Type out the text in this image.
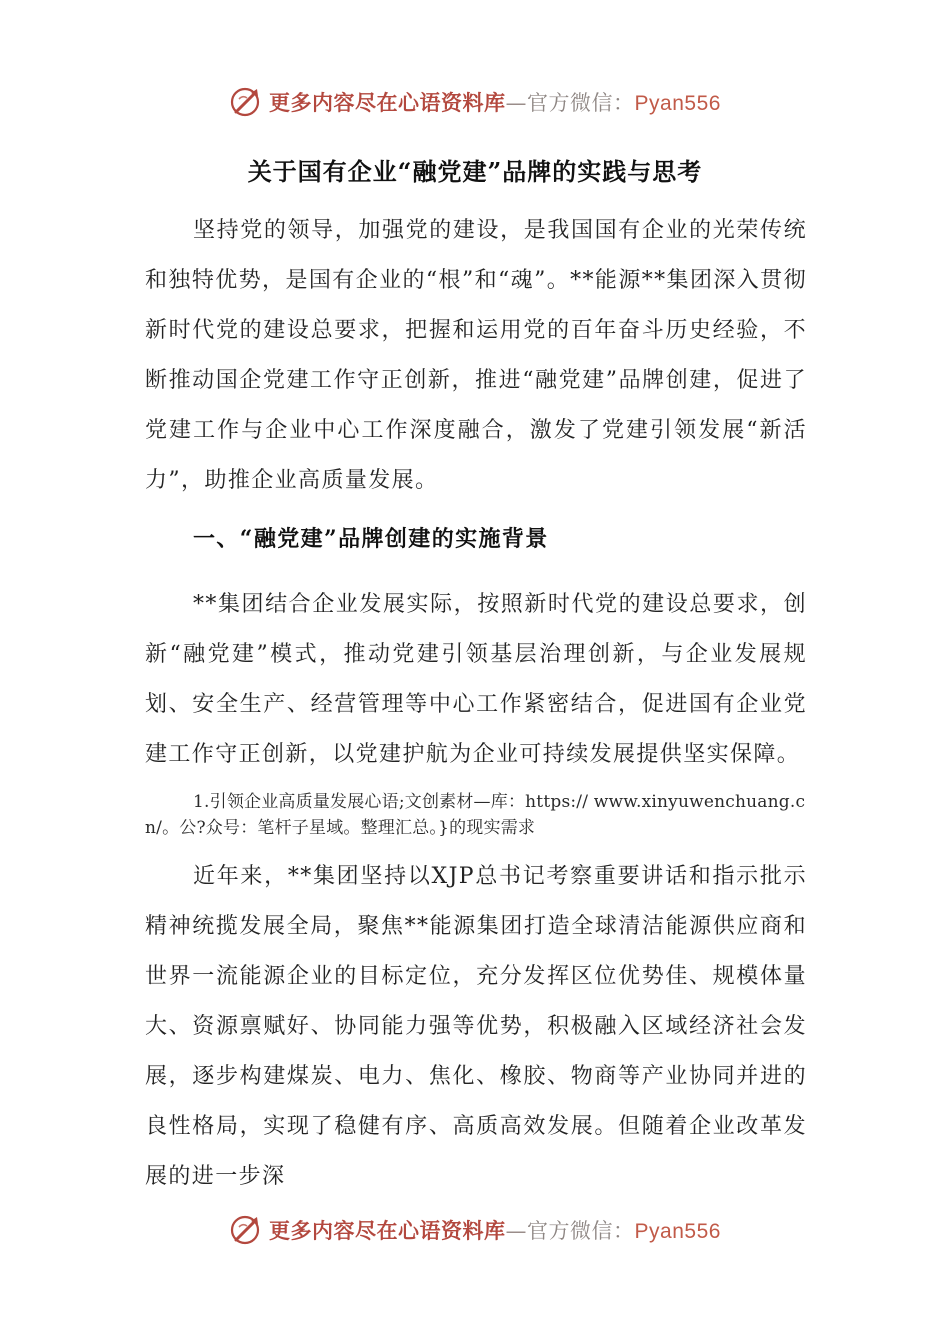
更多内容尽在心语资料库—官方微信：Pyan556
关于国有企业“融党建”品牌的实践与思考
坚持党的领导，加强党的建设，是我国国有企业的光荣传统和独特优势，是国有企业的“根”和“魂”。**能源**集团深入贯彻新时代党的建设总要求，把握和运用党的百年奋斗历史经验，不断推动国企党建工作守正创新，推进“融党建”品牌创建，促进了党建工作与企业中心工作深度融合，激发了党建引领发展“新活力”，助推企业高质量发展。
一、“融党建”品牌创建的实施背景
**集团结合企业发展实际，按照新时代党的建设总要求，创新“融党建”模式，推动党建引领基层治理创新，与企业发展规划、安全生产、经营管理等中心工作紧密结合，促进国有企业党建工作守正创新，以党建护航为企业可持续发展提供坚实保障。
1.引领企业高质量发展心语;文创素材—库：https:// www.xinyuwenchuang.cn/。公?众号：笔杆子星域。整理汇总。}的现实需求
近年来，**集团坚持以XJP总书记考察重要讲话和指示批示精神统揽发展全局，聚焦**能源集团打造全球清洁能源供应商和世界一流能源企业的目标定位，充分发挥区位优势佳、规模体量大、资源禀赋好、协同能力强等优势，积极融入区域经济社会发展，逐步构建煤炭、电力、焦化、橡胶、物商等产业协同并进的良性格局，实现了稳健有序、高质高效发展。但随着企业改革发展的进一步深
更多内容尽在心语资料库—官方微信：Pyan556
